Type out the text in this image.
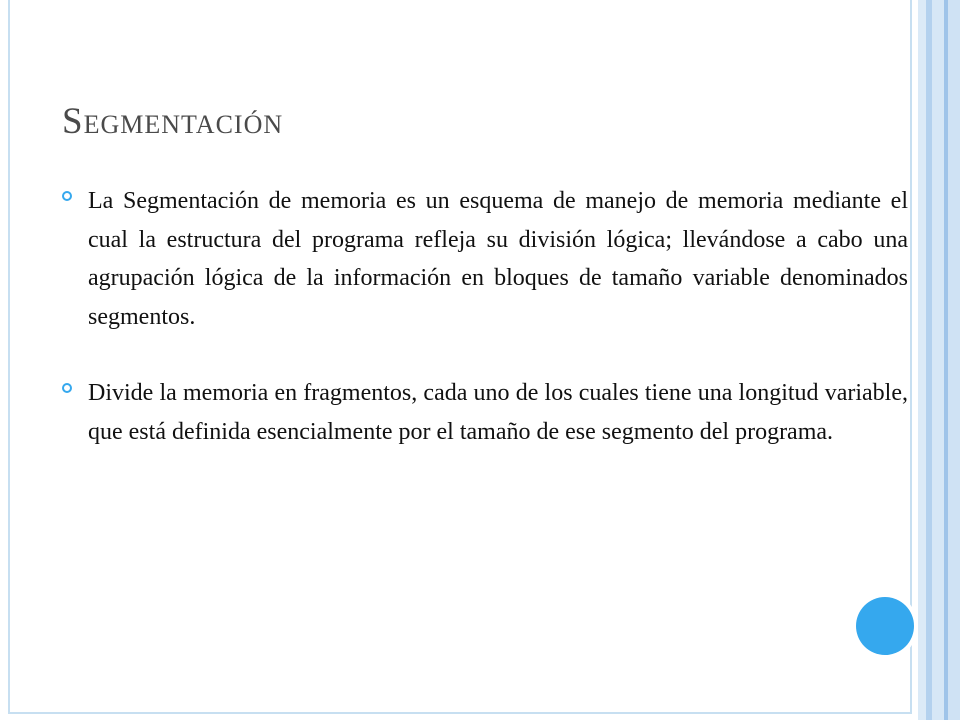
Segmentación
La Segmentación de memoria es un esquema de manejo de memoria mediante el cual la estructura del programa refleja su división lógica; llevándose a cabo una agrupación lógica de la información en bloques de tamaño variable denominados segmentos.
Divide la memoria en fragmentos, cada uno de los cuales tiene una longitud variable, que está definida esencialmente por el tamaño de ese segmento del programa.
